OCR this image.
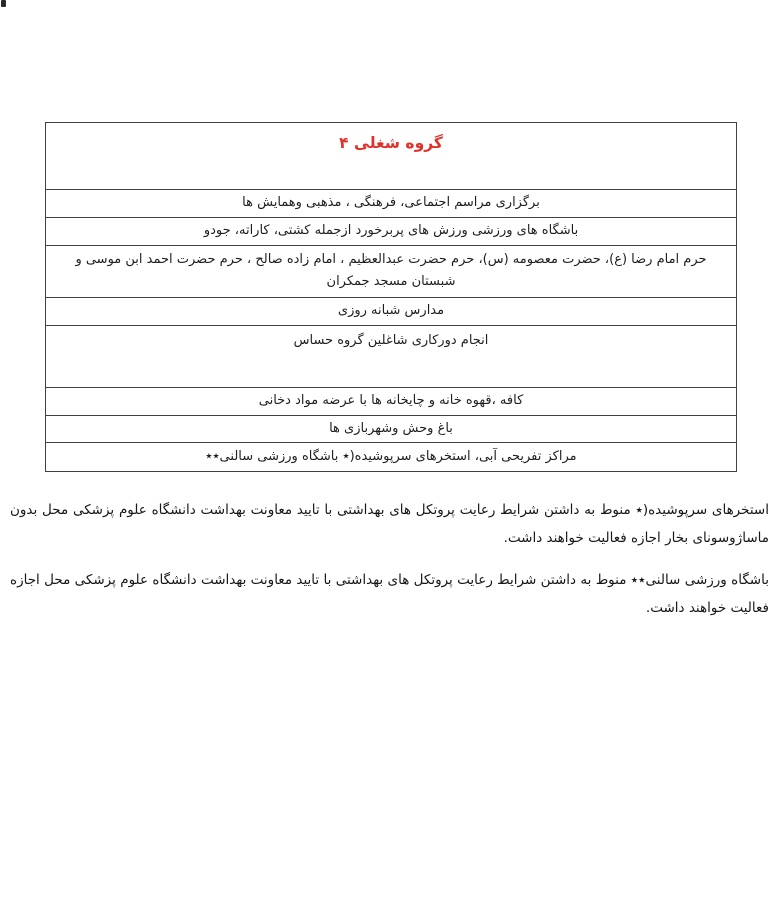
گروه شغلی ۴
برگزاری مراسم اجتماعی، فرهنگی ، مذهبی وهمایش ها
باشگاه های ورزشی ورزش های پربرخورد ازجمله کشتی، کاراته، جودو
حرم امام رضا (ع)، حضرت معصومه (س)، حرم حضرت عبدالعظیم ، امام زاده صالح ، حرم حضرت احمد ابن موسی و شبستان مسجد جمکران
مدارس شبانه روزی
انجام دورکاری شاغلین گروه حساس
کافه ،قهوه خانه و چایخانه ها با عرضه مواد دخانی
باغ وحش وشهربازی ها
مراکز تفریحی آبی، استخرهای سرپوشیده(٭ باشگاه ورزشی سالنی٭٭

استخرهای سرپوشیده(٭ منوط به داشتن شرایط رعایت پروتکل های بهداشتی با تایید معاونت بهداشت دانشگاه علوم پزشکی محل بدون ماساژوسونای بخار اجازه فعالیت خواهند داشت.

باشگاه ورزشی سالنی٭٭ منوط به داشتن شرایط رعایت پروتکل های بهداشتی با تایید معاونت بهداشت دانشگاه علوم پزشکی محل اجازه فعالیت خواهند داشت.
